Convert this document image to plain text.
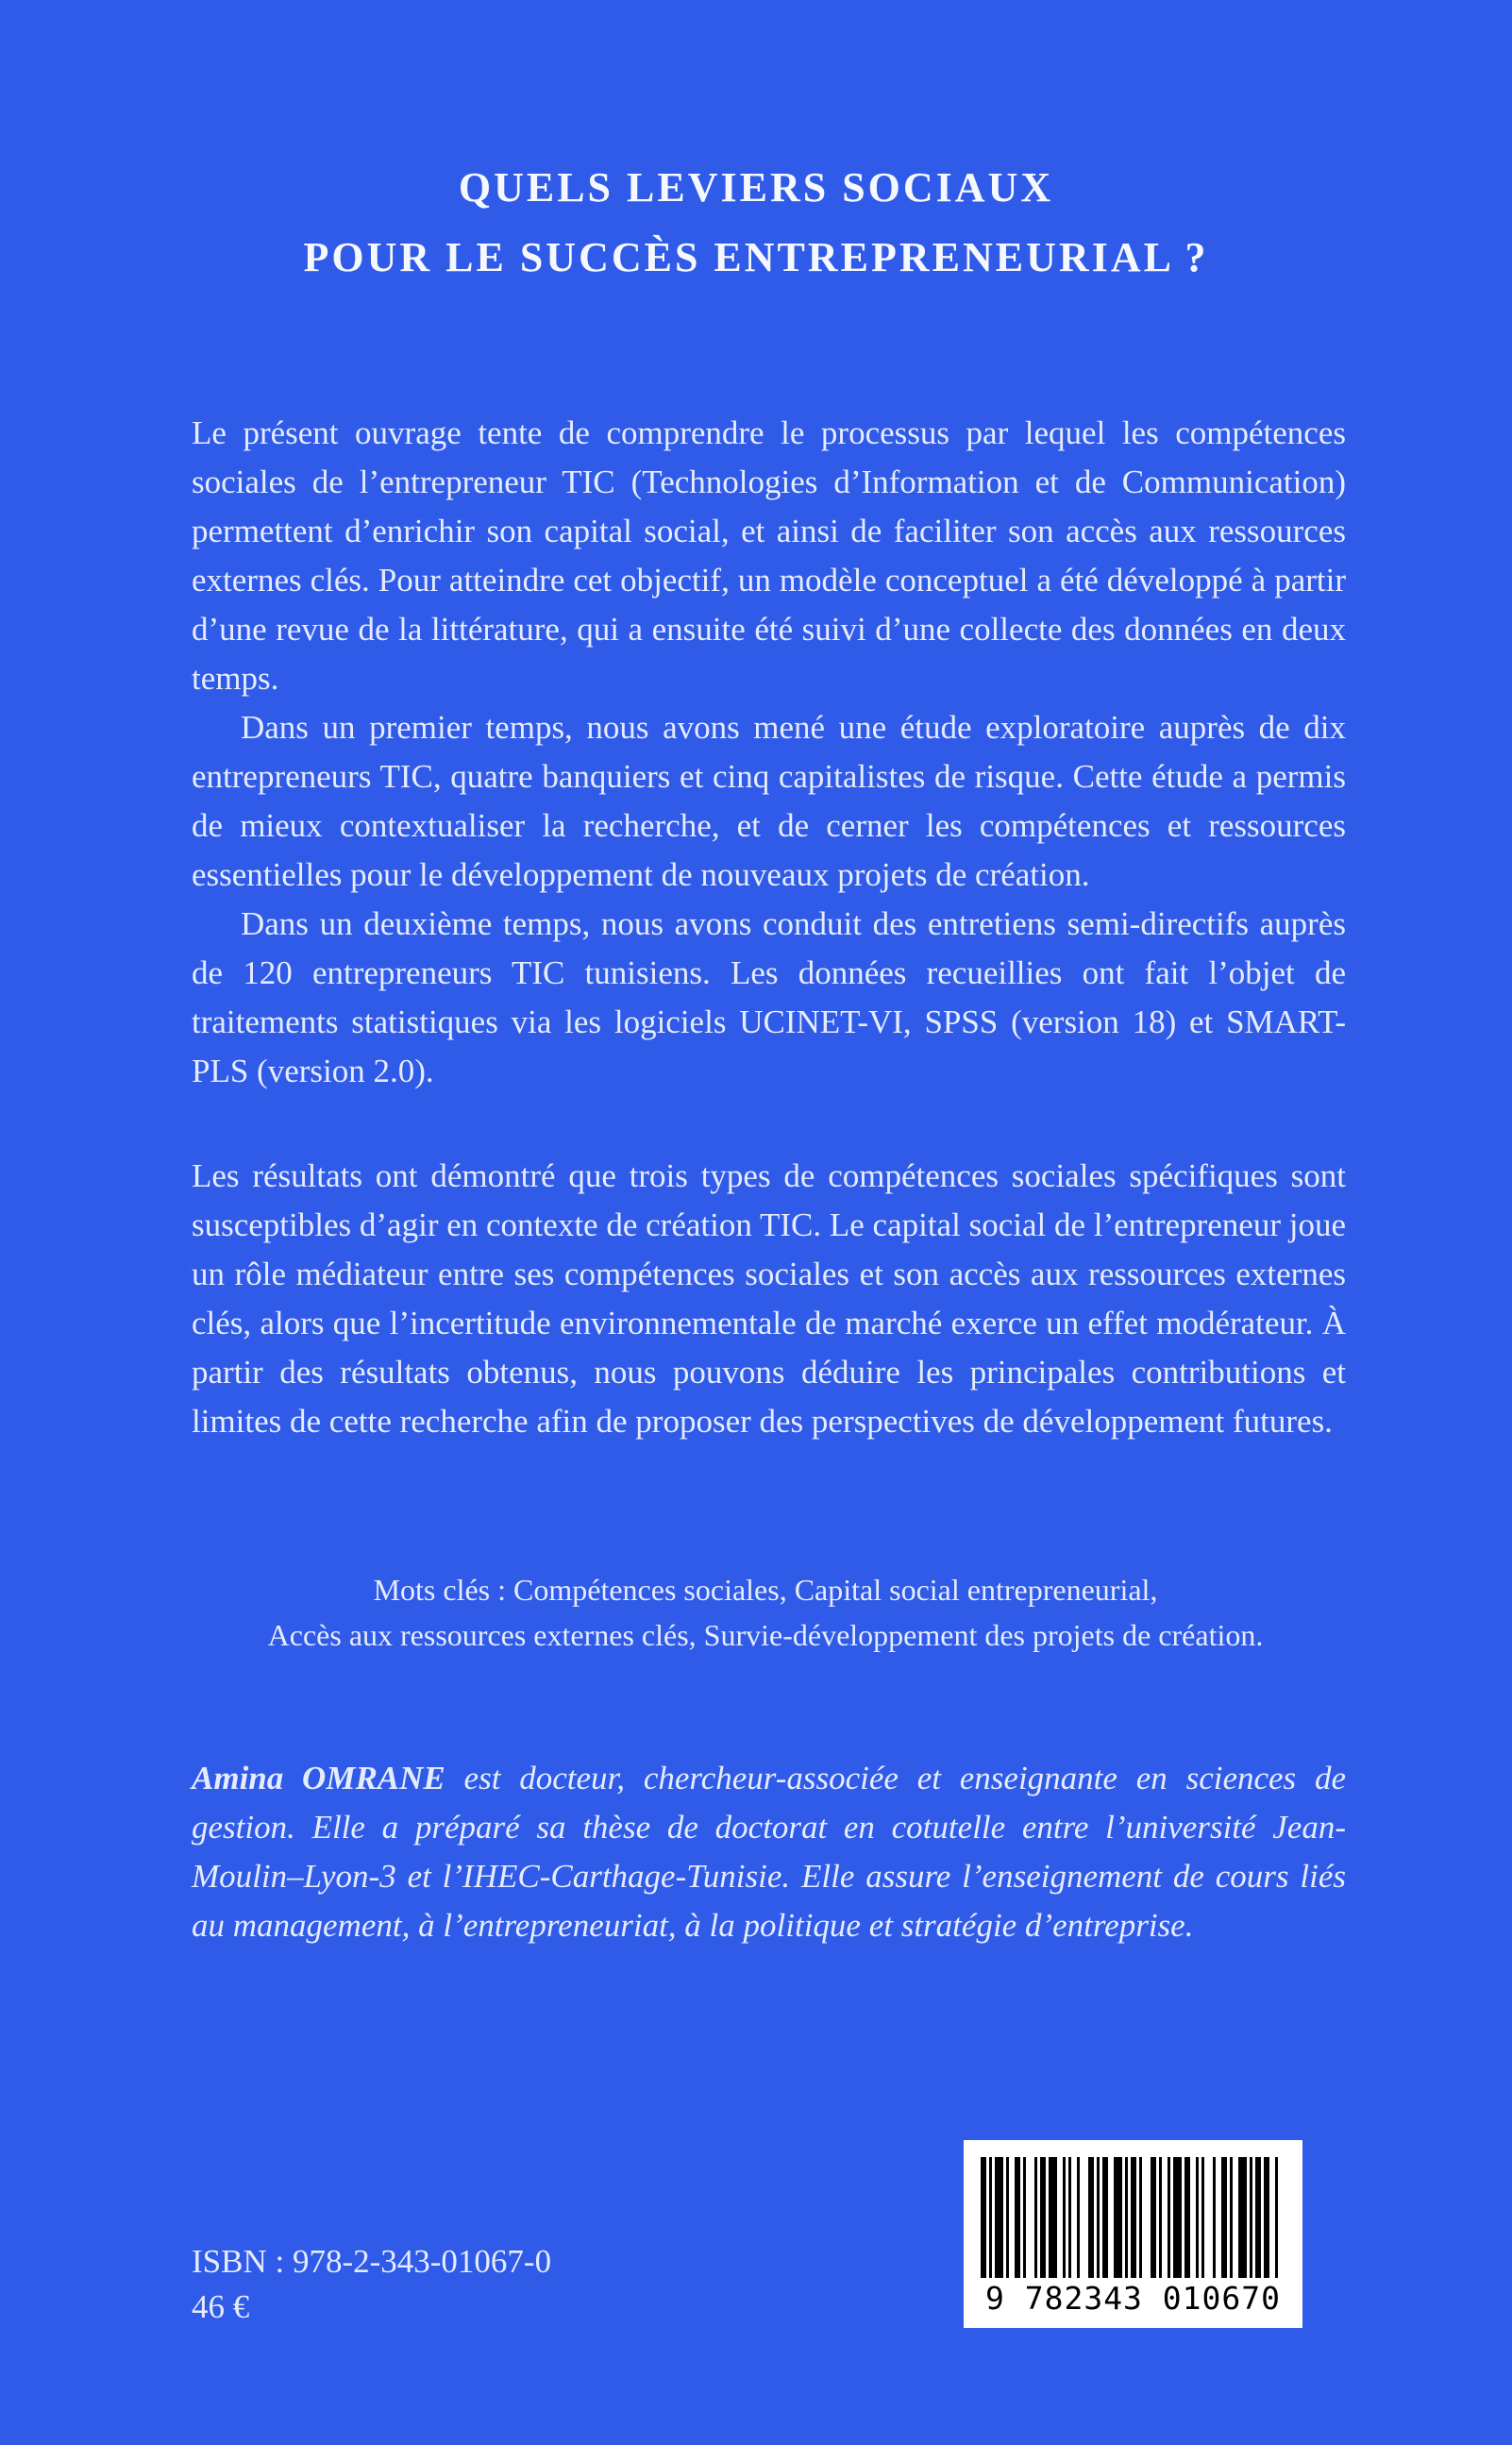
QUELS LEVIERS SOCIAUX
POUR LE SUCCÈS ENTREPRENEURIAL ?

Le présent ouvrage tente de comprendre le processus par lequel les compétences sociales de l’entrepreneur TIC (Technologies d’Information et de Communication) permettent d’enrichir son capital social, et ainsi de faciliter son accès aux ressources externes clés. Pour atteindre cet objectif, un modèle conceptuel a été développé à partir d’une revue de la littérature, qui a ensuite été suivi d’une collecte des données en deux temps.

Dans un premier temps, nous avons mené une étude exploratoire auprès de dix entrepreneurs TIC, quatre banquiers et cinq capitalistes de risque. Cette étude a permis de mieux contextualiser la recherche, et de cerner les compétences et ressources essentielles pour le développement de nouveaux projets de création.

Dans un deuxième temps, nous avons conduit des entretiens semi-directifs auprès de 120 entrepreneurs TIC tunisiens. Les données recueillies ont fait l’objet de traitements statistiques via les logiciels UCINET-VI, SPSS (version 18) et SMART-PLS (version 2.0).

Les résultats ont démontré que trois types de compétences sociales spécifiques sont susceptibles d’agir en contexte de création TIC. Le capital social de l’entrepreneur joue un rôle médiateur entre ses compétences sociales et son accès aux ressources externes clés, alors que l’incertitude environnementale de marché exerce un effet modérateur. À partir des résultats obtenus, nous pouvons déduire les principales contributions et limites de cette recherche afin de proposer des perspectives de développement futures.

Mots clés : Compétences sociales, Capital social entrepreneurial,
Accès aux ressources externes clés, Survie-développement des projets de création.
Amina OMRANE est docteur, chercheur-associée et enseignante en sciences de gestion. Elle a préparé sa thèse de doctorat en cotutelle entre l’université Jean-Moulin–Lyon-3 et l’IHEC-Carthage-Tunisie. Elle assure l’enseignement de cours liés au management, à l’entrepreneuriat, à la politique et stratégie d’entreprise.
ISBN : 978-2-343-01067-0
46 €	9 782343 010670
